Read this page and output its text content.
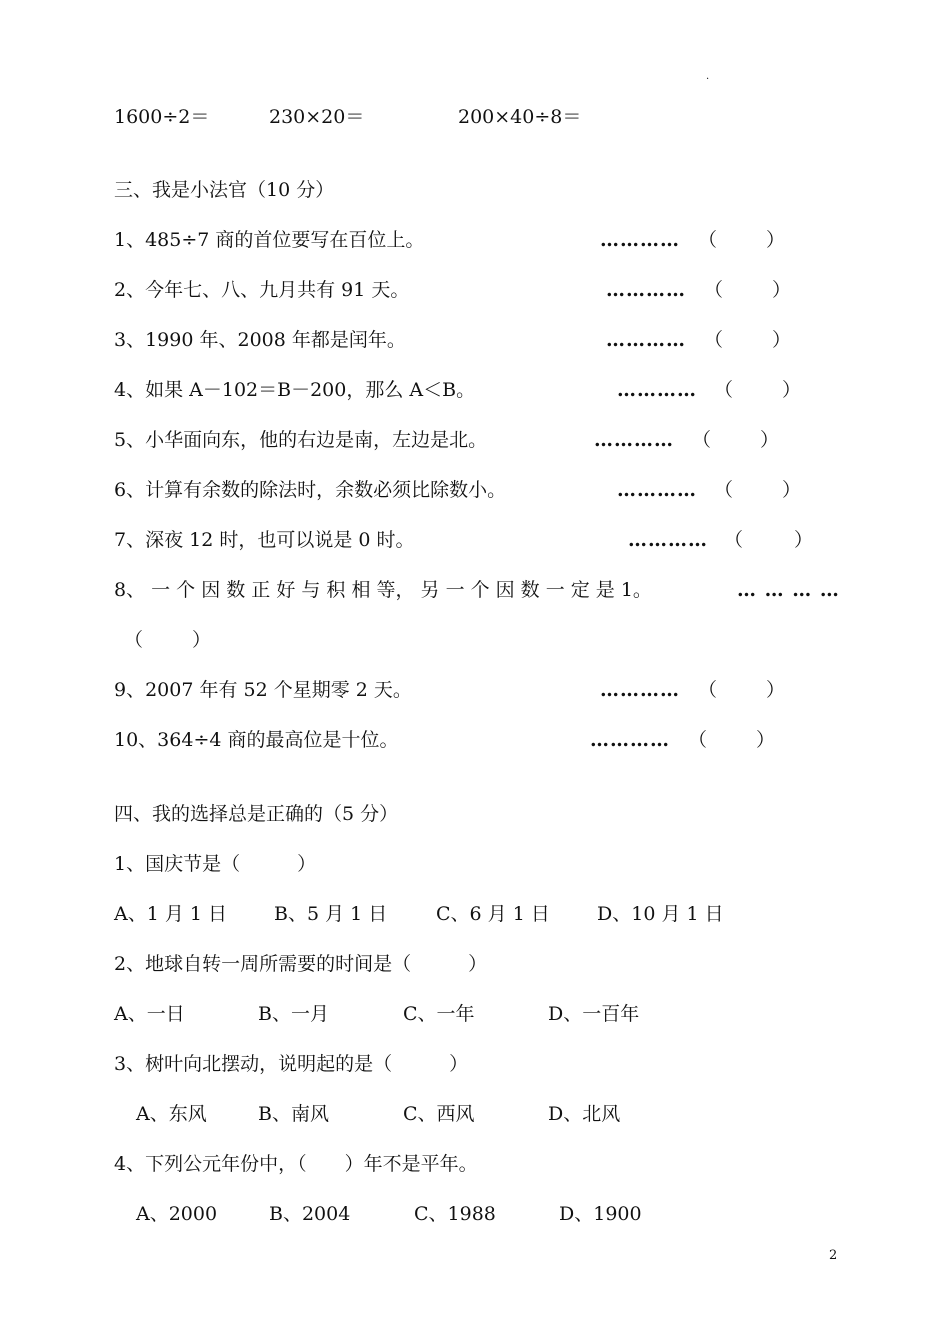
.
1600÷2＝	230×20＝	200×40÷8＝
三、我是小法官（10 分）
1、485÷7 商的首位要写在百位上。	………… （	）
2、今年七、八、九月共有 91 天。	………… （	）
3、1990 年、2008 年都是闰年。	………… （	）
4、如果 A－102＝B－200，那么 A＜B。	………… （	）
5、小华面向东，他的右边是南，左边是北。	………… （	）
6、计算有余数的除法时，余数必须比除数小。	………… （	）
7、深夜 12 时，也可以说是 0 时。	………… （	）
8、 一 个 因 数 正 好 与 积 相 等， 另 一 个 因 数 一 定 是 1。	… … … …
（	）
9、2007 年有 52 个星期零 2 天。	………… （	）
10、364÷4 商的最高位是十位。	………… （	）
四、我的选择总是正确的（5 分）
1、国庆节是（　　　）
A、1 月 1 日 B、5 月 1 日	C、6 月 1 日 D、10 月 1 日
2、地球自转一周所需要的时间是（　　　）
A、一日	B、一月	C、一年	D、一百年
3、树叶向北摆动，说明起的是（　　　）
A、东风	B、南风	C、西风	D、北风
4、下列公元年份中，（　　）年不是平年。
A、2000	B、2004	C、1988	D、1900
2
